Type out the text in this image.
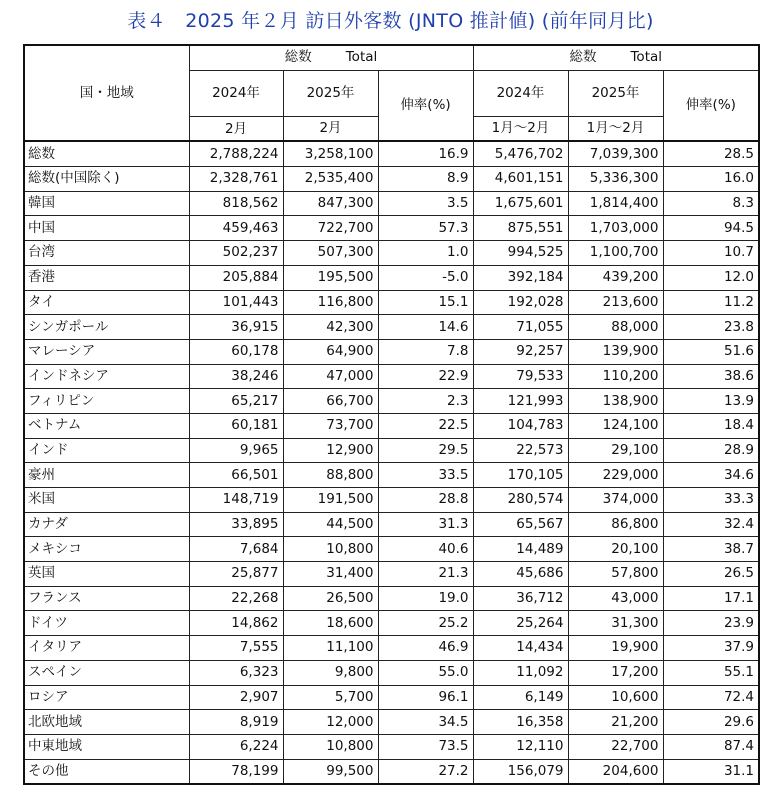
表４　2025 年２月 訪日外客数 (JNTO 推計値) (前年同月比)
国・地域	総数 Total			総数 Total		
	2024年	2025年	伸率(%)	2024年	2025年	伸率(%)
	2月	2月		1月～2月	1月～2月	
総数	2,788,224	3,258,100	16.9	5,476,702	7,039,300	28.5
総数(中国除く)	2,328,761	2,535,400	8.9	4,601,151	5,336,300	16.0
韓国	818,562	847,300	3.5	1,675,601	1,814,400	8.3
中国	459,463	722,700	57.3	875,551	1,703,000	94.5
台湾	502,237	507,300	1.0	994,525	1,100,700	10.7
香港	205,884	195,500	-5.0	392,184	439,200	12.0
タイ	101,443	116,800	15.1	192,028	213,600	11.2
シンガポール	36,915	42,300	14.6	71,055	88,000	23.8
マレーシア	60,178	64,900	7.8	92,257	139,900	51.6
インドネシア	38,246	47,000	22.9	79,533	110,200	38.6
フィリピン	65,217	66,700	2.3	121,993	138,900	13.9
ベトナム	60,181	73,700	22.5	104,783	124,100	18.4
インド	9,965	12,900	29.5	22,573	29,100	28.9
豪州	66,501	88,800	33.5	170,105	229,000	34.6
米国	148,719	191,500	28.8	280,574	374,000	33.3
カナダ	33,895	44,500	31.3	65,567	86,800	32.4
メキシコ	7,684	10,800	40.6	14,489	20,100	38.7
英国	25,877	31,400	21.3	45,686	57,800	26.5
フランス	22,268	26,500	19.0	36,712	43,000	17.1
ドイツ	14,862	18,600	25.2	25,264	31,300	23.9
イタリア	7,555	11,100	46.9	14,434	19,900	37.9
スペイン	6,323	9,800	55.0	11,092	17,200	55.1
ロシア	2,907	5,700	96.1	6,149	10,600	72.4
北欧地域	8,919	12,000	34.5	16,358	21,200	29.6
中東地域	6,224	10,800	73.5	12,110	22,700	87.4
その他	78,199	99,500	27.2	156,079	204,600	31.1
